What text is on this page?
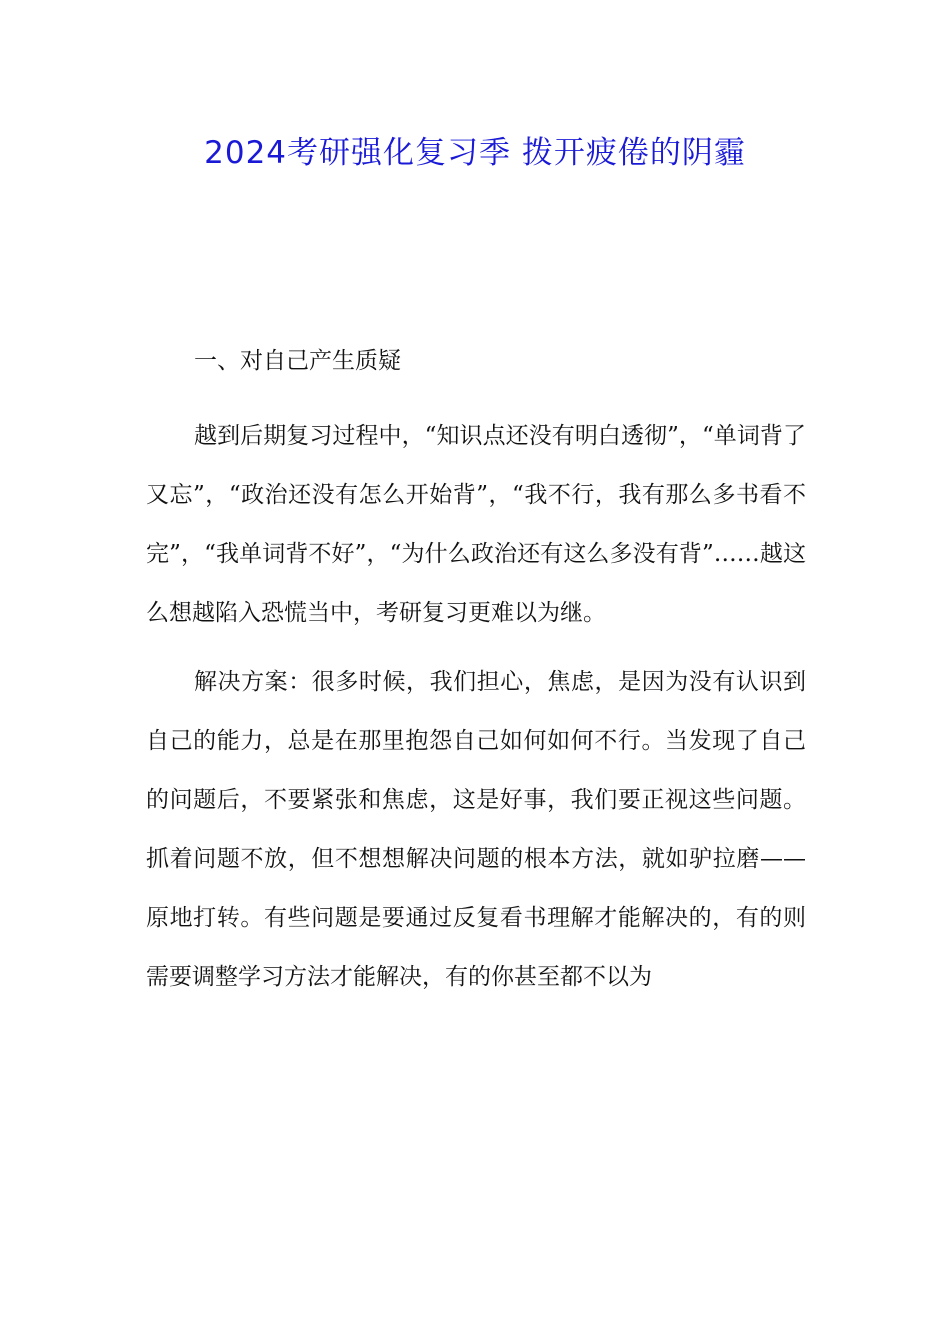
2024考研强化复习季 拨开疲倦的阴霾
一、对自己产生质疑

越到后期复习过程中，“知识点还没有明白透彻”，“单词背了又忘”，“政治还没有怎么开始背”，“我不行，我有那么多书看不完”，“我单词背不好”，“为什么政治还有这么多没有背”……越这么想越陷入恐慌当中，考研复习更难以为继。

解决方案：很多时候，我们担心，焦虑，是因为没有认识到自己的能力，总是在那里抱怨自己如何如何不行。当发现了自己的问题后，不要紧张和焦虑，这是好事，我们要正视这些问题。抓着问题不放，但不想想解决问题的根本方法，就如驴拉磨——原地打转。有些问题是要通过反复看书理解才能解决的，有的则需要调整学习方法才能解决，有的你甚至都不以为
